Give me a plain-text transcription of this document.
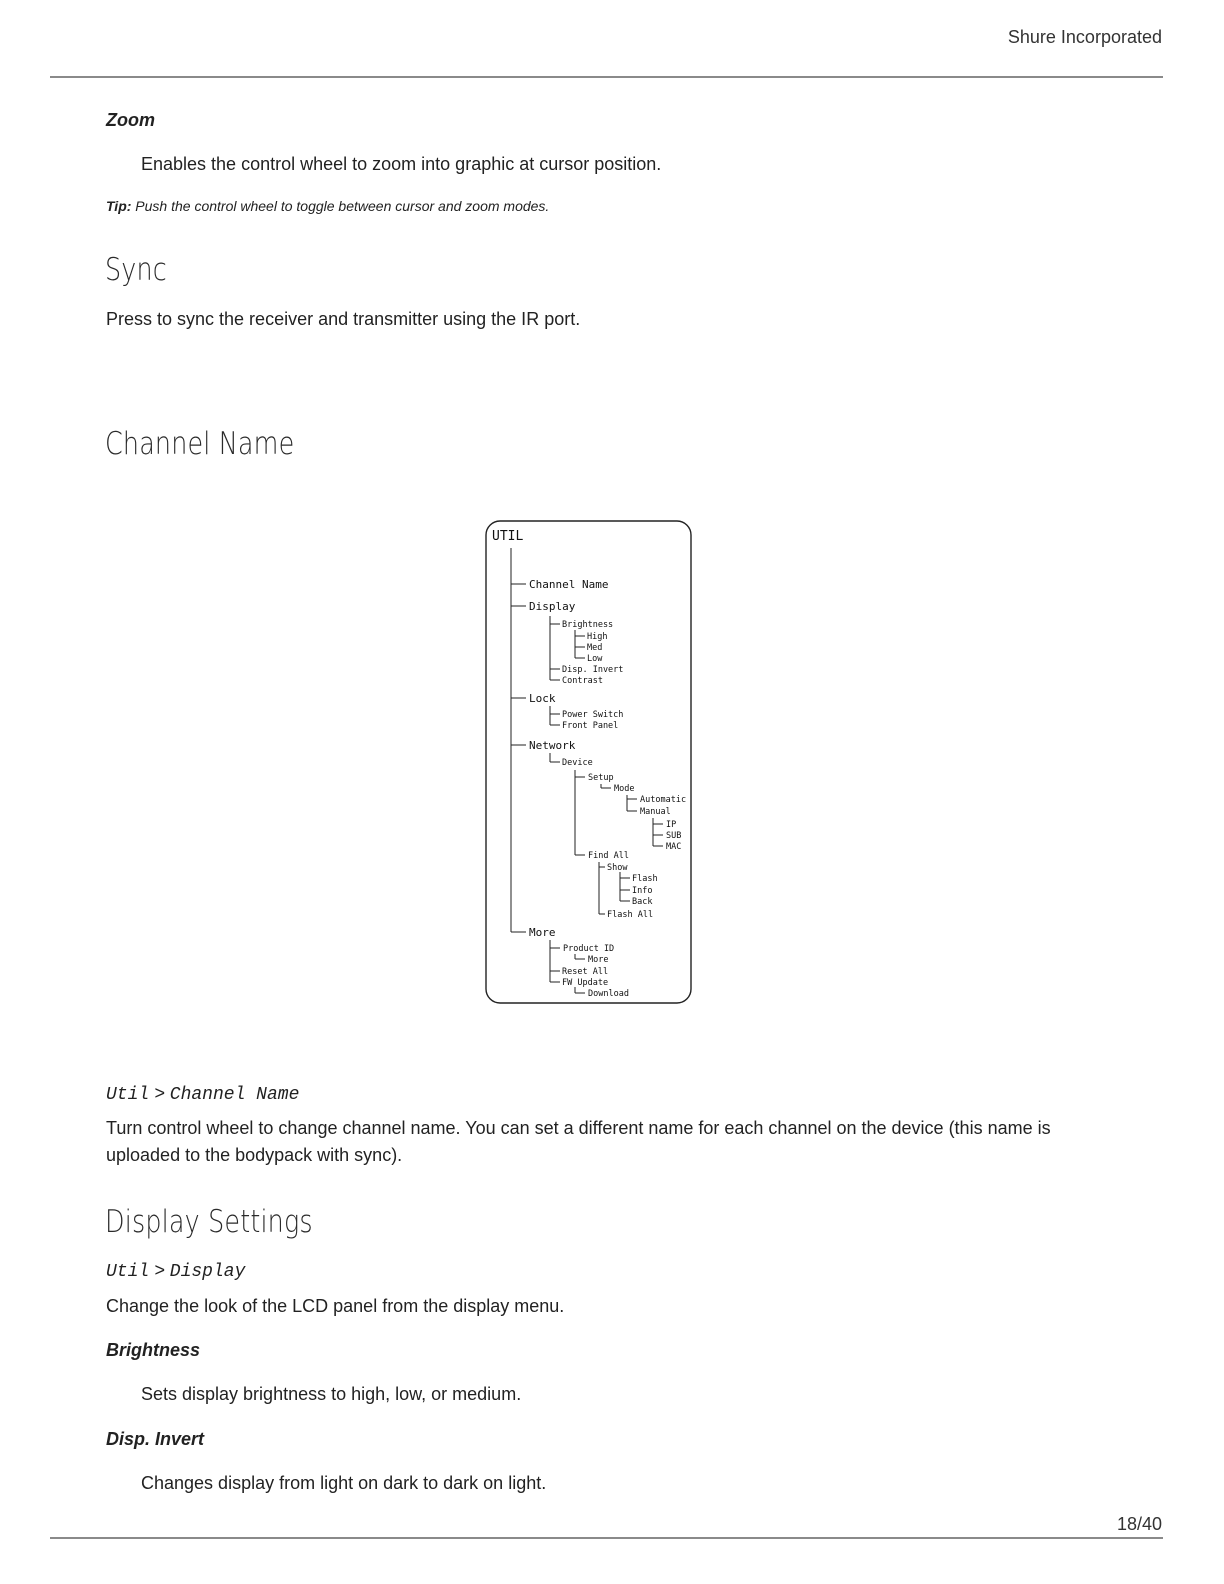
Shure Incorporated
Zoom
Enables the control wheel to zoom into graphic at cursor position.
Tip: Push the control wheel to toggle between cursor and zoom modes.
Sync
Press to sync the receiver and transmitter using the IR port.
Channel Name
UTIL
Channel Name
Display
Brightness
High
Med
Low
Disp. Invert
Contrast
Lock
Power Switch
Front Panel
Network
Device
Setup
Mode
Automatic
Manual
IP
SUB
MAC
Find All
Show
Flash
Info
Back
Flash All
More
Product ID
More
Reset All
FW Update
Download
Util > Channel Name
Turn control wheel to change channel name. You can set a different name for each channel on the device (this name is uploaded to the bodypack with sync).
Display Settings
Util > Display
Change the look of the LCD panel from the display menu.
Brightness
Sets display brightness to high, low, or medium.
Disp. Invert
Changes display from light on dark to dark on light.
18/40
